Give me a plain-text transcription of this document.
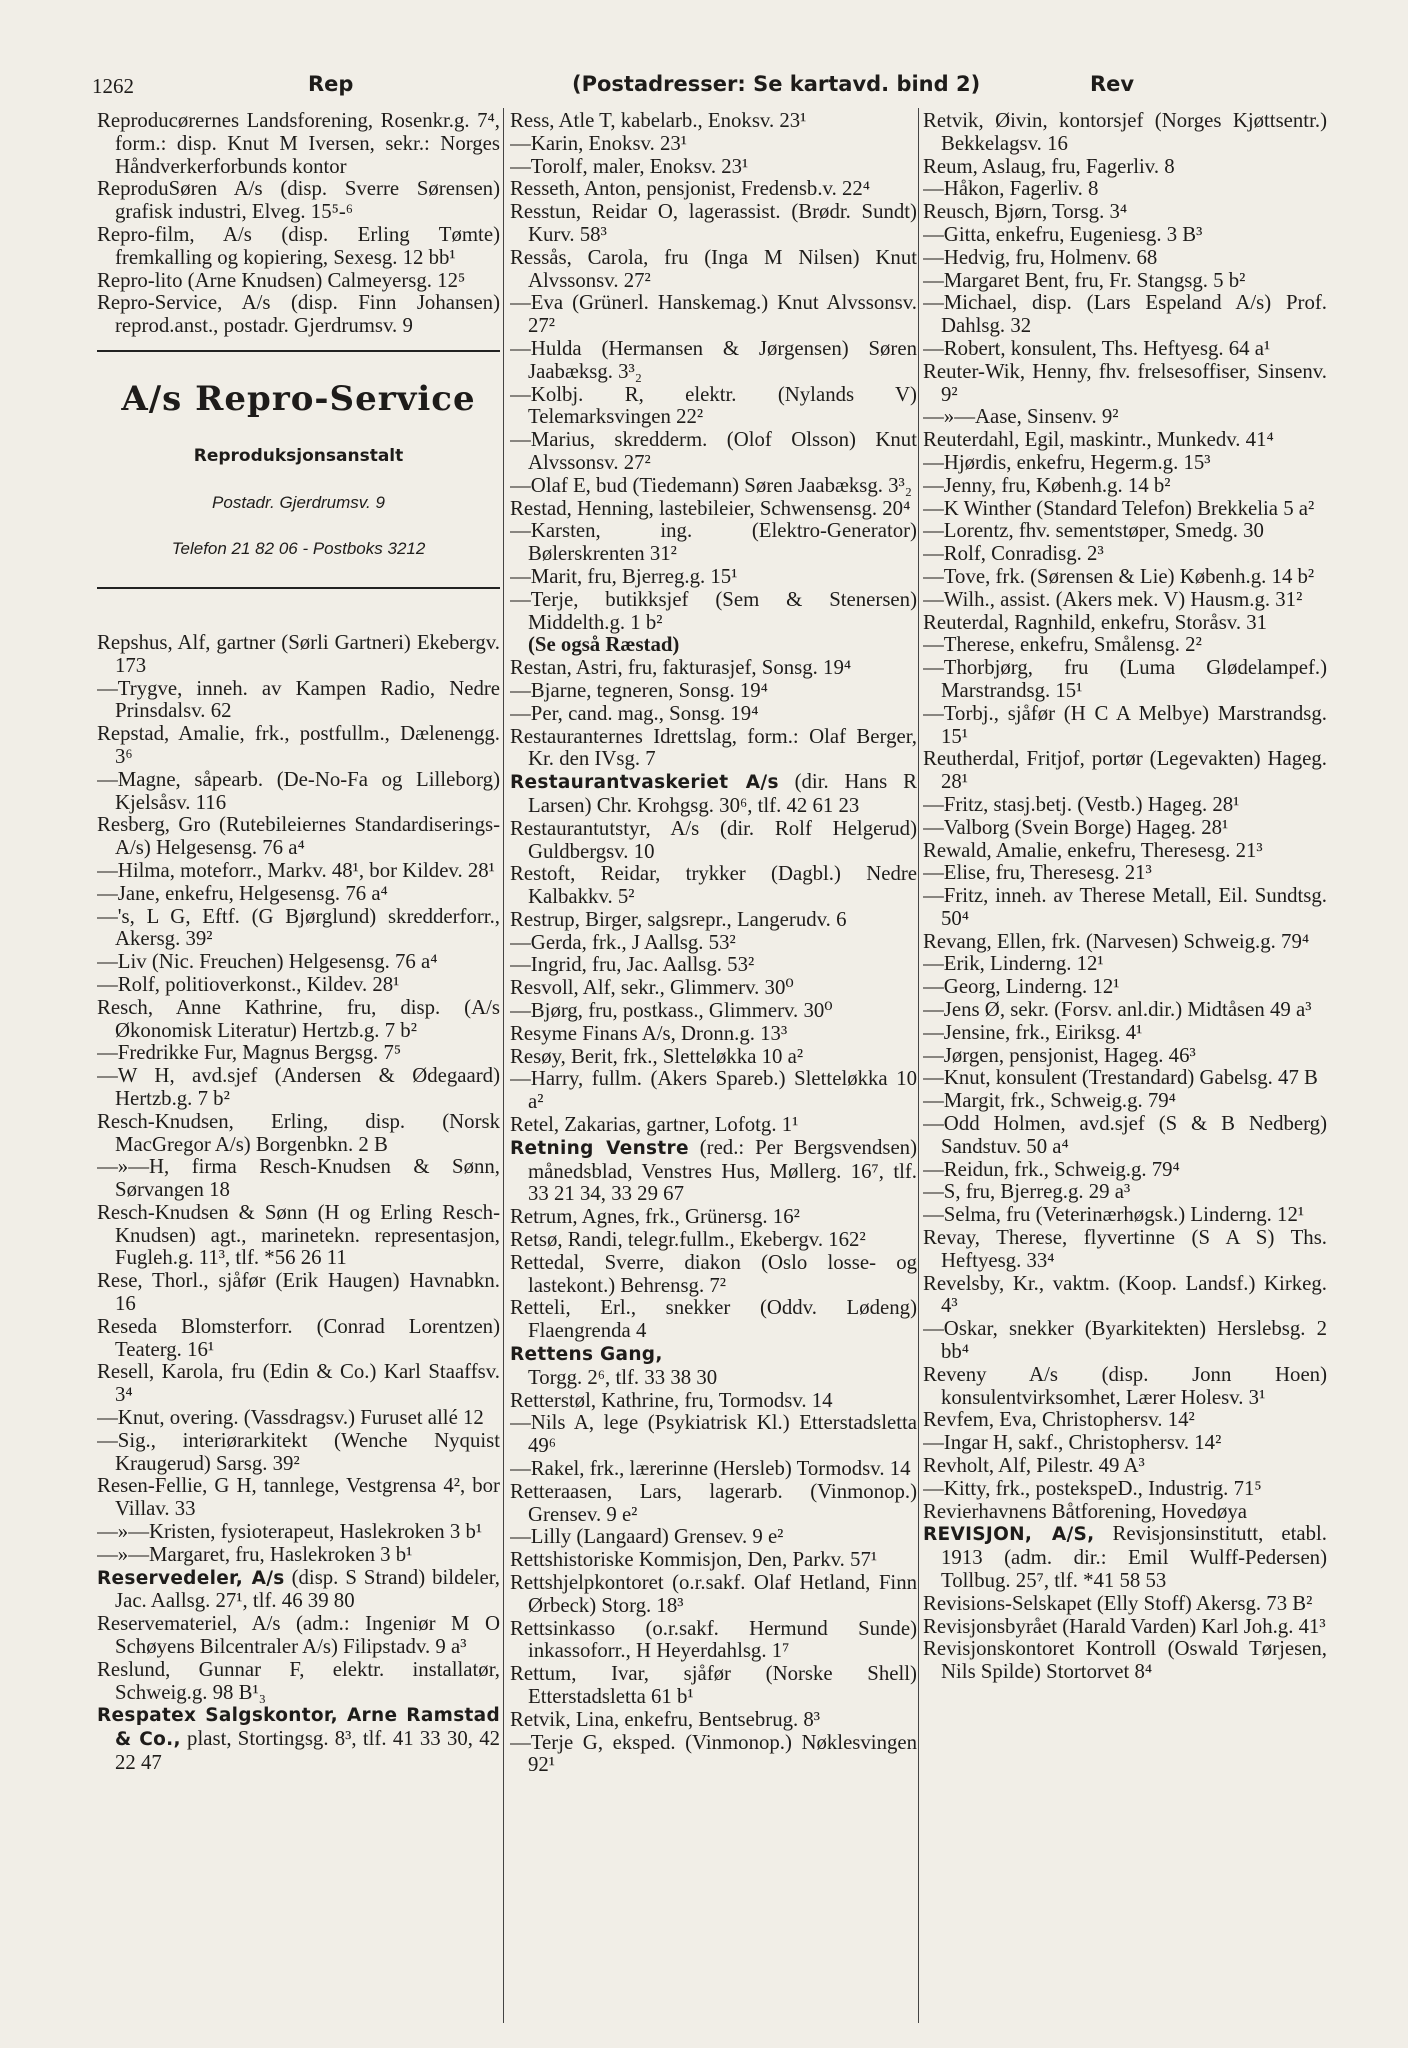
1262	Rep	(Postadresser: Se kartavd. bind 2)	Rev
Reproducørernes Landsforening, Rosenkr.g. 7⁴, form.: disp. Knut M Iversen, sekr.: Norges Håndverkerforbunds kontor
ReproduSøren A/s (disp. Sverre Sørensen) grafisk industri, Elveg. 15⁵‑⁶
Repro-film, A/s (disp. Erling Tømte) fremkalling og kopiering, Sexesg. 12 bb¹
Repro-lito (Arne Knudsen) Calmeyersg. 12⁵
Repro-Service, A/s (disp. Finn Johansen) reprod.anst., postadr. Gjerdrumsv. 9
A/s Repro-Service
Reproduksjonsanstalt
Postadr. Gjerdrumsv. 9
Telefon 21 82 06 - Postboks 3212
Repshus, Alf, gartner (Sørli Gartneri) Ekebergv. 173
—Trygve, inneh. av Kampen Radio, Nedre Prinsdalsv. 62
Repstad, Amalie, frk., postfullm., Dælenengg. 3⁶
—Magne, såpearb. (De-No-Fa og Lilleborg) Kjelsåsv. 116
Resberg, Gro (Rutebileiernes Standardiserings-A/s) Helgesensg. 76 a⁴
—Hilma, moteforr., Markv. 48¹, bor Kildev. 28¹
—Jane, enkefru, Helgesensg. 76 a⁴
—'s, L G, Eftf. (G Bjørglund) skredderforr., Akersg. 39²
—Liv (Nic. Freuchen) Helgesensg. 76 a⁴
—Rolf, politioverkonst., Kildev. 28¹
Resch, Anne Kathrine, fru, disp. (A/s Økonomisk Literatur) Hertzb.g. 7 b²
—Fredrikke Fur, Magnus Bergsg. 7⁵
—W H, avd.sjef (Andersen & Ødegaard) Hertzb.g. 7 b²
Resch-Knudsen, Erling, disp. (Norsk MacGregor A/s) Borgenbkn. 2 B
—»—H, firma Resch-Knudsen & Sønn, Sørvangen 18
Resch-Knudsen & Sønn (H og Erling Resch-Knudsen) agt., marinetekn. representasjon, Fugleh.g. 11³, tlf. *56 26 11
Rese, Thorl., sjåfør (Erik Haugen) Havnabkn. 16
Reseda Blomsterforr. (Conrad Lorentzen) Teaterg. 16¹
Resell, Karola, fru (Edin & Co.) Karl Staaffsv. 3⁴
—Knut, overing. (Vassdragsv.) Furuset allé 12
—Sig., interiørarkitekt (Wenche Nyquist Kraugerud) Sarsg. 39²
Resen-Fellie, G H, tannlege, Vestgrensa 4², bor Villav. 33
—»—Kristen, fysioterapeut, Haslekroken 3 b¹
—»—Margaret, fru, Haslekroken 3 b¹
Reservedeler, A/s (disp. S Strand) bildeler, Jac. Aallsg. 27¹, tlf. 46 39 80
Reservemateriel, A/s (adm.: Ingeniør M O Schøyens Bilcentraler A/s) Filipstadv. 9 a³
Reslund, Gunnar F, elektr. installatør, Schweig.g. 98 B¹₃
Respatex Salgskontor, Arne Ramstad & Co., plast, Stortingsg. 8³, tlf. 41 33 30, 42 22 47
Ress, Atle T, kabelarb., Enoksv. 23¹
—Karin, Enoksv. 23¹
—Torolf, maler, Enoksv. 23¹
Resseth, Anton, pensjonist, Fredensb.v. 22⁴
Resstun, Reidar O, lagerassist. (Brødr. Sundt) Kurv. 58³
Ressås, Carola, fru (Inga M Nilsen) Knut Alvssonsv. 27²
—Eva (Grünerl. Hanskemag.) Knut Alvssonsv. 27²
—Hulda (Hermansen & Jørgensen) Søren Jaabæksg. 3³₂
—Kolbj. R, elektr. (Nylands V) Telemarksvingen 22²
—Marius, skredderm. (Olof Olsson) Knut Alvssonsv. 27²
—Olaf E, bud (Tiedemann) Søren Jaabæksg. 3³₂
Restad, Henning, lastebileier, Schwensensg. 20⁴
—Karsten, ing. (Elektro-Generator) Bølerskrenten 31²
—Marit, fru, Bjerreg.g. 15¹
—Terje, butikksjef (Sem & Stenersen) Middelth.g. 1 b²
(Se også Ræstad)
Restan, Astri, fru, fakturasjef, Sonsg. 19⁴
—Bjarne, tegneren, Sonsg. 19⁴
—Per, cand. mag., Sonsg. 19⁴
Restauranternes Idrettslag, form.: Olaf Berger, Kr. den IVsg. 7
Restaurantvaskeriet A/s (dir. Hans R Larsen) Chr. Krohgsg. 30⁶, tlf. 42 61 23
Restaurantutstyr, A/s (dir. Rolf Helgerud) Guldbergsv. 10
Restoft, Reidar, trykker (Dagbl.) Nedre Kalbakkv. 5²
Restrup, Birger, salgsrepr., Langerudv. 6
—Gerda, frk., J Aallsg. 53²
—Ingrid, fru, Jac. Aallsg. 53²
Resvoll, Alf, sekr., Glimmerv. 30⁰
—Bjørg, fru, postkass., Glimmerv. 30⁰
Resyme Finans A/s, Dronn.g. 13³
Resøy, Berit, frk., Sletteløkka 10 a²
—Harry, fullm. (Akers Spareb.) Sletteløkka 10 a²
Retel, Zakarias, gartner, Lofotg. 1¹
Retning Venstre (red.: Per Bergsvendsen) månedsblad, Venstres Hus, Møllerg. 16⁷, tlf. 33 21 34, 33 29 67
Retrum, Agnes, frk., Grünersg. 16²
Retsø, Randi, telegr.fullm., Ekebergv. 162²
Rettedal, Sverre, diakon (Oslo losse- og lastekont.) Behrensg. 7²
Retteli, Erl., snekker (Oddv. Lødeng) Flaengrenda 4
Rettens Gang,
Torgg. 2⁶, tlf. 33 38 30
Retterstøl, Kathrine, fru, Tormodsv. 14
—Nils A, lege (Psykiatrisk Kl.) Etterstadsletta 49⁶
—Rakel, frk., lærerinne (Hersleb) Tormodsv. 14
Retteraasen, Lars, lagerarb. (Vinmonop.) Grensev. 9 e²
—Lilly (Langaard) Grensev. 9 e²
Rettshistoriske Kommisjon, Den, Parkv. 57¹
Rettshjelpkontoret (o.r.sakf. Olaf Hetland, Finn Ørbeck) Storg. 18³
Rettsinkasso (o.r.sakf. Hermund Sunde) inkassoforr., H Heyerdahlsg. 1⁷
Rettum, Ivar, sjåfør (Norske Shell) Etterstadsletta 61 b¹
Retvik, Lina, enkefru, Bentsebrug. 8³
—Terje G, eksped. (Vinmonop.) Nøklesvingen 92¹
Retvik, Øivin, kontorsjef (Norges Kjøttsentr.) Bekkelagsv. 16
Reum, Aslaug, fru, Fagerliv. 8
—Håkon, Fagerliv. 8
Reusch, Bjørn, Torsg. 3⁴
—Gitta, enkefru, Eugeniesg. 3 B³
—Hedvig, fru, Holmenv. 68
—Margaret Bent, fru, Fr. Stangsg. 5 b²
—Michael, disp. (Lars Espeland A/s) Prof. Dahlsg. 32
—Robert, konsulent, Ths. Heftyesg. 64 a¹
Reuter-Wik, Henny, fhv. frelsesoffiser, Sinsenv. 9²
—»—Aase, Sinsenv. 9²
Reuterdahl, Egil, maskintr., Munkedv. 41⁴
—Hjørdis, enkefru, Hegerm.g. 15³
—Jenny, fru, Københ.g. 14 b²
—K Winther (Standard Telefon) Brekkelia 5 a²
—Lorentz, fhv. sementstøper, Smedg. 30
—Rolf, Conradisg. 2³
—Tove, frk. (Sørensen & Lie) Københ.g. 14 b²
—Wilh., assist. (Akers mek. V) Hausm.g. 31²
Reuterdal, Ragnhild, enkefru, Storåsv. 31
—Therese, enkefru, Smålensg. 2²
—Thorbjørg, fru (Luma Glødelampef.) Marstrandsg. 15¹
—Torbj., sjåfør (H C A Melbye) Marstrandsg. 15¹
Reutherdal, Fritjof, portør (Legevakten) Hageg. 28¹
—Fritz, stasj.betj. (Vestb.) Hageg. 28¹
—Valborg (Svein Borge) Hageg. 28¹
Rewald, Amalie, enkefru, Theresesg. 21³
—Elise, fru, Theresesg. 21³
—Fritz, inneh. av Therese Metall, Eil. Sundtsg. 50⁴
Revang, Ellen, frk. (Narvesen) Schweig.g. 79⁴
—Erik, Linderng. 12¹
—Georg, Linderng. 12¹
—Jens Ø, sekr. (Forsv. anl.dir.) Midtåsen 49 a³
—Jensine, frk., Eiriksg. 4¹
—Jørgen, pensjonist, Hageg. 46³
—Knut, konsulent (Trestandard) Gabelsg. 47 B
—Margit, frk., Schweig.g. 79⁴
—Odd Holmen, avd.sjef (S & B Nedberg) Sandstuv. 50 a⁴
—Reidun, frk., Schweig.g. 79⁴
—S, fru, Bjerreg.g. 29 a³
—Selma, fru (Veterinærhøgsk.) Linderng. 12¹
Revay, Therese, flyvertinne (S A S) Ths. Heftyesg. 33⁴
Revelsby, Kr., vaktm. (Koop. Landsf.) Kirkeg. 4³
—Oskar, snekker (Byarkitekten) Herslebsg. 2 bb⁴
Reveny A/s (disp. Jonn Hoen) konsulentvirksomhet, Lærer Holesv. 3¹
Revfem, Eva, Christophersv. 14²
—Ingar H, sakf., Christophersv. 14²
Revholt, Alf, Pilestr. 49 A³
—Kitty, frk., postekspeD., Industrig. 71⁵
Revierhavnens Båtforening, Hovedøya
REVISJON, A/S, Revisjonsinstitutt, etabl. 1913 (adm. dir.: Emil Wulff-Pedersen) Tollbug. 25⁷, tlf. *41 58 53
Revisions-Selskapet (Elly Stoff) Akersg. 73 B²
Revisjonsbyrået (Harald Varden) Karl Joh.g. 41³
Revisjonskontoret Kontroll (Oswald Tørjesen, Nils Spilde) Stortorvet 8⁴
